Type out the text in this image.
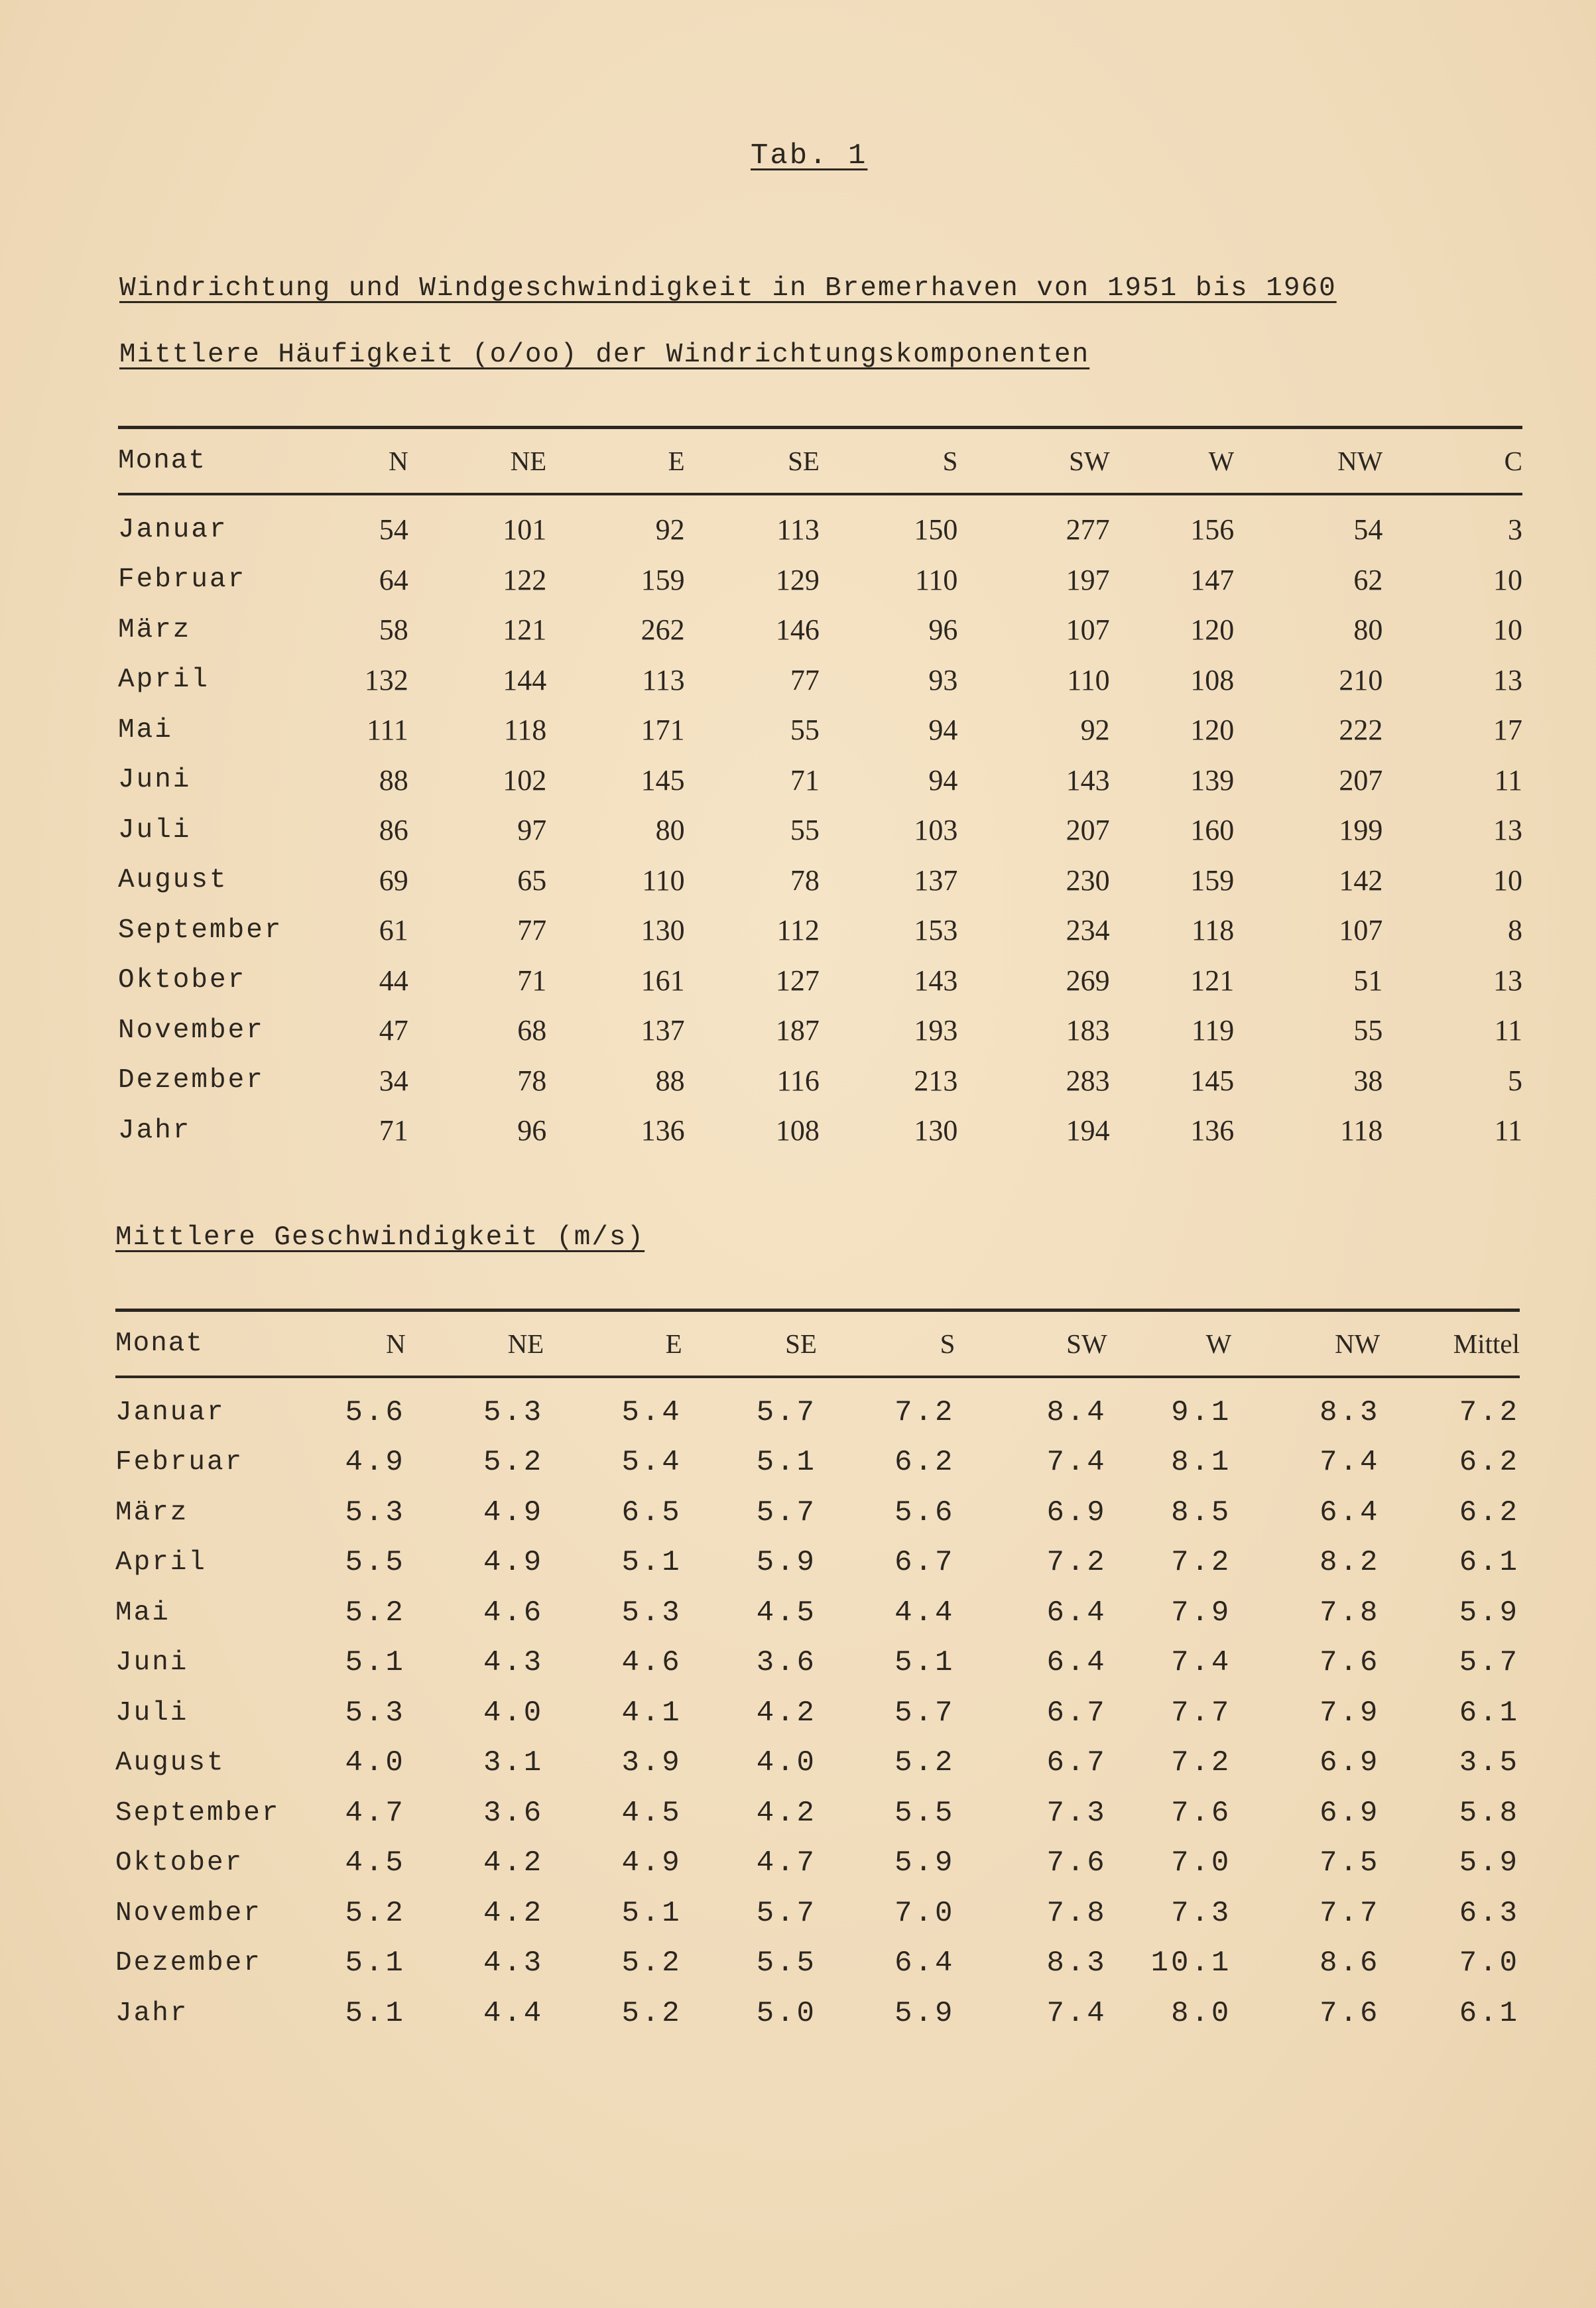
Tab. 1
Windrichtung und Windgeschwindigkeit in Bremerhaven von 1951 bis 1960
Mittlere Häufigkeit (o/oo) der Windrichtungskomponenten
Monat	N	NE	E	SE	S	SW	W	NW	C
Januar	54	101	92	113	150	277	156	54	3
Februar	64	122	159	129	110	197	147	62	10
März	58	121	262	146	96	107	120	80	10
April	132	144	113	77	93	110	108	210	13
Mai	111	118	171	55	94	92	120	222	17
Juni	88	102	145	71	94	143	139	207	11
Juli	86	97	80	55	103	207	160	199	13
August	69	65	110	78	137	230	159	142	10
September	61	77	130	112	153	234	118	107	8
Oktober	44	71	161	127	143	269	121	51	13
November	47	68	137	187	193	183	119	55	11
Dezember	34	78	88	116	213	283	145	38	5
Jahr	71	96	136	108	130	194	136	118	11
Mittlere Geschwindigkeit (m/s)
Monat	N	NE	E	SE	S	SW	W	NW	Mittel
Januar	5.6	5.3	5.4	5.7	7.2	8.4	9.1	8.3	7.2
Februar	4.9	5.2	5.4	5.1	6.2	7.4	8.1	7.4	6.2
März	5.3	4.9	6.5	5.7	5.6	6.9	8.5	6.4	6.2
April	5.5	4.9	5.1	5.9	6.7	7.2	7.2	8.2	6.1
Mai	5.2	4.6	5.3	4.5	4.4	6.4	7.9	7.8	5.9
Juni	5.1	4.3	4.6	3.6	5.1	6.4	7.4	7.6	5.7
Juli	5.3	4.0	4.1	4.2	5.7	6.7	7.7	7.9	6.1
August	4.0	3.1	3.9	4.0	5.2	6.7	7.2	6.9	3.5
September	4.7	3.6	4.5	4.2	5.5	7.3	7.6	6.9	5.8
Oktober	4.5	4.2	4.9	4.7	5.9	7.6	7.0	7.5	5.9
November	5.2	4.2	5.1	5.7	7.0	7.8	7.3	7.7	6.3
Dezember	5.1	4.3	5.2	5.5	6.4	8.3	10.1	8.6	7.0
Jahr	5.1	4.4	5.2	5.0	5.9	7.4	8.0	7.6	6.1
